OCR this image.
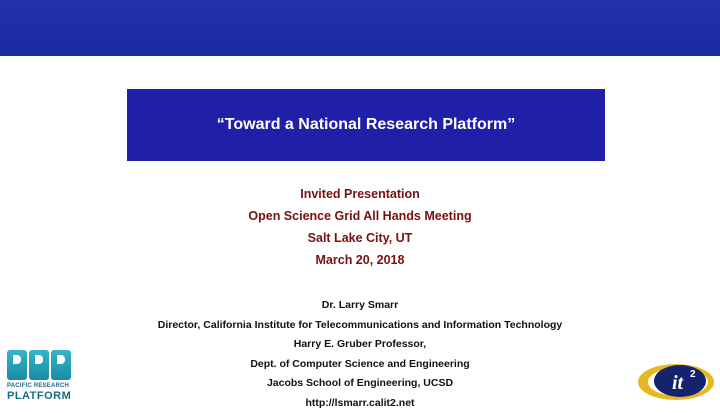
“Toward a National Research Platform”
Invited Presentation
Open Science Grid All Hands Meeting
Salt Lake City, UT
March 20, 2018
Dr. Larry Smarr
Director, California Institute for Telecommunications and Information Technology
Harry E. Gruber Professor,
Dept. of Computer Science and Engineering
Jacobs School of Engineering, UCSD
http://lsmarr.calit2.net
PACIFIC RESEARCH
PLATFORM
it 2
